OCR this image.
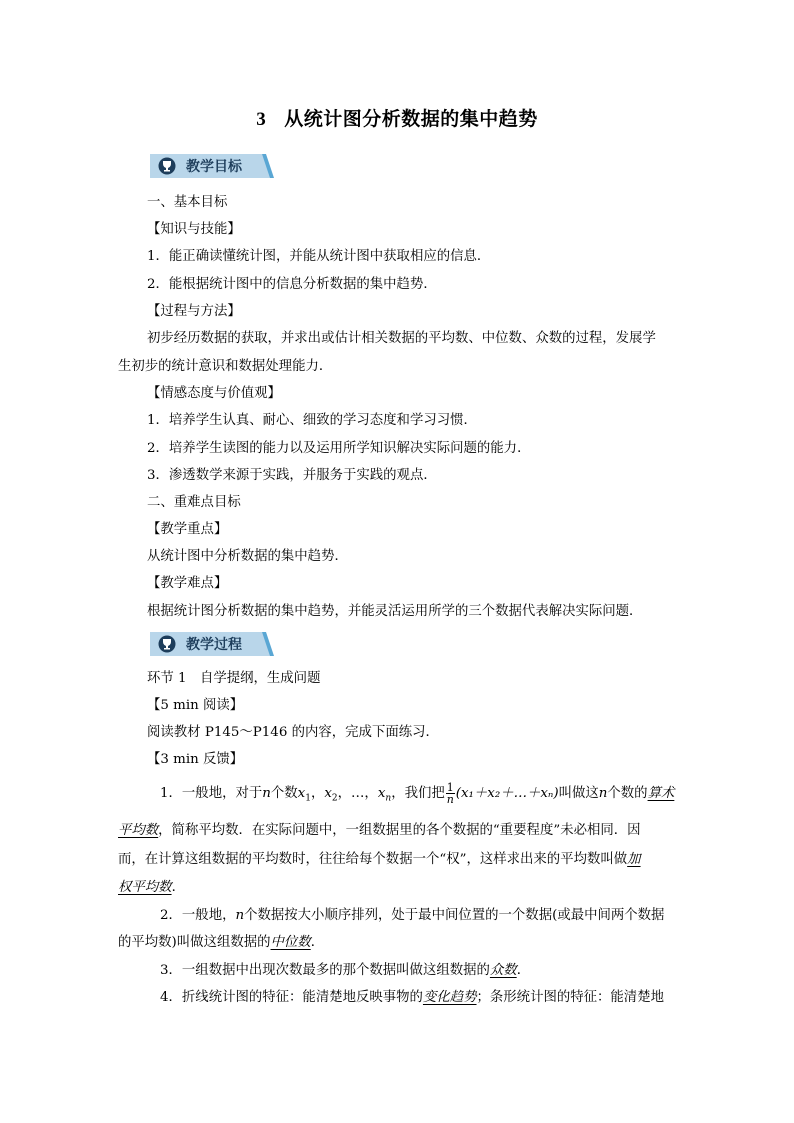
3 从统计图分析数据的集中趋势
教学目标
一、基本目标
【知识与技能】
1．能正确读懂统计图，并能从统计图中获取相应的信息．
2．能根据统计图中的信息分析数据的集中趋势．
【过程与方法】
初步经历数据的获取，并求出或估计相关数据的平均数、中位数、众数的过程，发展学
生初步的统计意识和数据处理能力．
【情感态度与价值观】
1．培养学生认真、耐心、细致的学习态度和学习习惯．
2．培养学生读图的能力以及运用所学知识解决实际问题的能力．
3．渗透数学来源于实践，并服务于实践的观点．
二、重难点目标
【教学重点】
从统计图中分析数据的集中趋势．
【教学难点】
根据统计图分析数据的集中趋势，并能灵活运用所学的三个数据代表解决实际问题．
教学过程
环节 1　自学提纲，生成问题
【5 min 阅读】
阅读教材 P145～P146 的内容，完成下面练习．
【3 min 反馈】
1．一般地，对于n个数$x_1$，$x_2$，…，$x_n$，我们把 $\frac{1}{n}$ (x₁＋x₂＋…＋xₙ)叫做这n个数的算术
平均数，简称平均数．在实际问题中，一组数据里的各个数据的“重要程度”未必相同．因
而，在计算这组数据的平均数时，往往给每个数据一个“权”，这样求出来的平均数叫做加
权平均数．
2．一般地，n个数据按大小顺序排列，处于最中间位置的一个数据(或最中间两个数据
的平均数)叫做这组数据的中位数．
3．一组数据中出现次数最多的那个数据叫做这组数据的众数．
4．折线统计图的特征：能清楚地反映事物的变化趋势；条形统计图的特征：能清楚地
